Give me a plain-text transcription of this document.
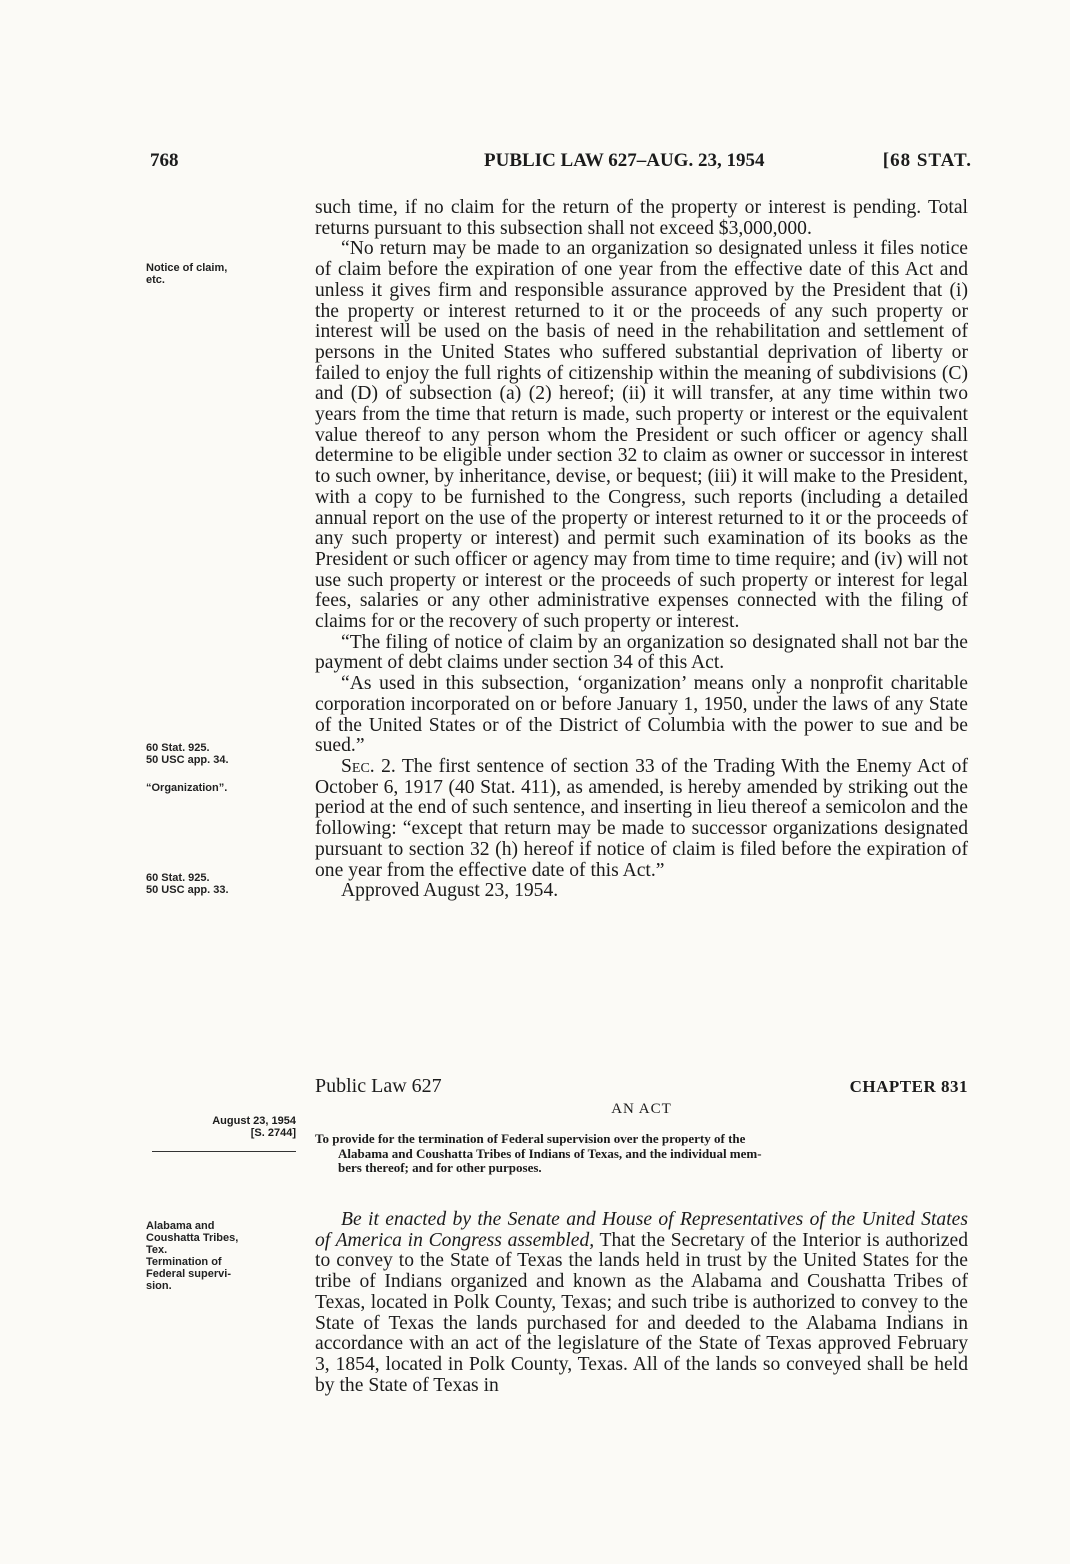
768	PUBLIC LAW 627–AUG. 23, 1954	[68 STAT.
Notice of claim,
etc.
60 Stat. 925.
50 USC app. 34.
“Organization”.
60 Stat. 925.
50 USC app. 33.
Alabama and
Coushatta Tribes,
Tex.
Termination of
Federal supervi-
sion.

such time, if no claim for the return of the property or interest is pending. Total returns pursuant to this subsection shall not exceed $3,000,000.

“No return may be made to an organization so designated unless it files notice of claim before the expiration of one year from the effective date of this Act and unless it gives firm and responsible assurance approved by the President that (i) the property or interest returned to it or the proceeds of any such property or interest will be used on the basis of need in the rehabilitation and settlement of persons in the United States who suffered substantial deprivation of liberty or failed to enjoy the full rights of citizenship within the meaning of subdivisions (C) and (D) of subsection (a) (2) hereof; (ii) it will transfer, at any time within two years from the time that return is made, such property or interest or the equivalent value thereof to any person whom the President or such officer or agency shall determine to be eligible under section 32 to claim as owner or successor in interest to such owner, by inheritance, devise, or bequest; (iii) it will make to the President, with a copy to be furnished to the Congress, such reports (including a detailed annual report on the use of the property or interest returned to it or the proceeds of any such property or interest) and permit such examination of its books as the President or such officer or agency may from time to time require; and (iv) will not use such property or interest or the proceeds of such property or interest for legal fees, salaries or any other administrative expenses connected with the filing of claims for or the recovery of such property or interest.

“The filing of notice of claim by an organization so designated shall not bar the payment of debt claims under section 34 of this Act.

“As used in this subsection, ‘organization’ means only a nonprofit charitable corporation incorporated on or before January 1, 1950, under the laws of any State of the United States or of the District of Columbia with the power to sue and be sued.”

Sec. 2. The first sentence of section 33 of the Trading With the Enemy Act of October 6, 1917 (40 Stat. 411), as amended, is hereby amended by striking out the period at the end of such sentence, and inserting in lieu thereof a semicolon and the following: “except that return may be made to successor organizations designated pursuant to section 32 (h) hereof if notice of claim is filed before the expiration of one year from the effective date of this Act.”

Approved August 23, 1954.

Public Law 627	CHAPTER 831
AN ACT
August 23, 1954
[S. 2744] To provide for the termination of Federal supervision over the property of the
Alabama and Coushatta Tribes of Indians of Texas, and the individual mem-
bers thereof; and for other purposes.

Be it enacted by the Senate and House of Representatives of the United States of America in Congress assembled, That the Secretary of the Interior is authorized to convey to the State of Texas the lands held in trust by the United States for the tribe of Indians organized and known as the Alabama and Coushatta Tribes of Texas, located in Polk County, Texas; and such tribe is authorized to convey to the State of Texas the lands purchased for and deeded to the Alabama Indians in accordance with an act of the legislature of the State of Texas approved February 3, 1854, located in Polk County, Texas. All of the lands so conveyed shall be held by the State of Texas in
